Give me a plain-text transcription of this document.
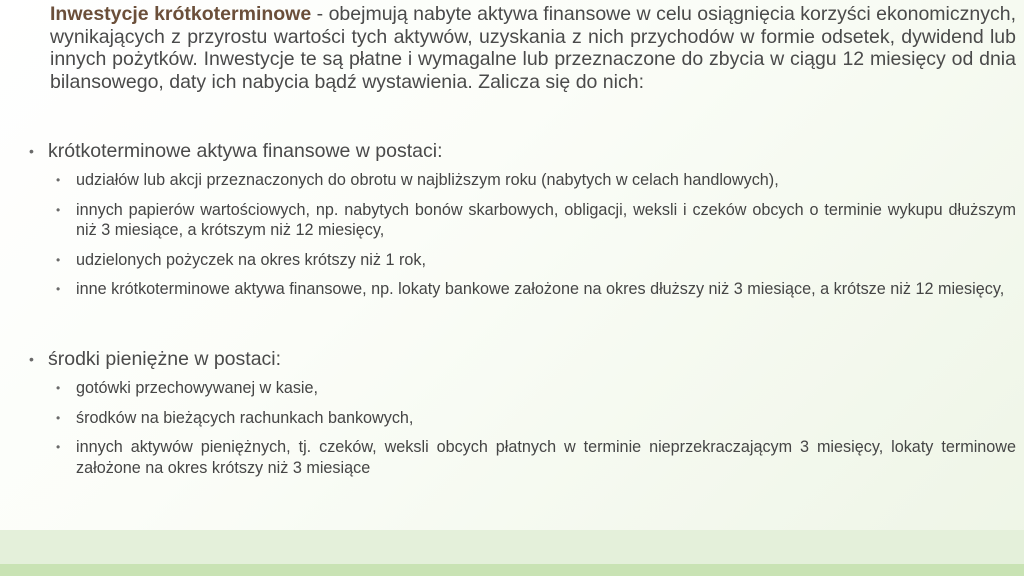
Inwestycje krótkoterminowe - obejmują nabyte aktywa finansowe w celu osiągnięcia korzyści ekonomicznych, wynikających z przyrostu wartości tych aktywów, uzyskania z nich przychodów w formie odsetek, dywidend lub innych pożytków. Inwestycje te są płatne i wymagalne lub przeznaczone do zbycia w ciągu 12 miesięcy od dnia bilansowego, daty ich nabycia bądź wystawienia. Zalicza się do nich:

• krótkoterminowe aktywa finansowe w postaci:
• udziałów lub akcji przeznaczonych do obrotu w najbliższym roku (nabytych w celach handlowych),
• innych papierów wartościowych, np. nabytych bonów skarbowych, obligacji, weksli i czeków obcych o terminie wykupu dłuższym niż 3 miesiące, a krótszym niż 12 miesięcy,
• udzielonych pożyczek na okres krótszy niż 1 rok,
• inne krótkoterminowe aktywa finansowe, np. lokaty bankowe założone na okres dłuższy niż 3 miesiące, a krótsze niż 12 miesięcy,
• środki pieniężne w postaci:
• gotówki przechowywanej w kasie,
• środków na bieżących rachunkach bankowych,
• innych aktywów pieniężnych, tj. czeków, weksli obcych płatnych w terminie nieprzekraczającym 3 miesięcy, lokaty terminowe założone na okres krótszy niż 3 miesiące
